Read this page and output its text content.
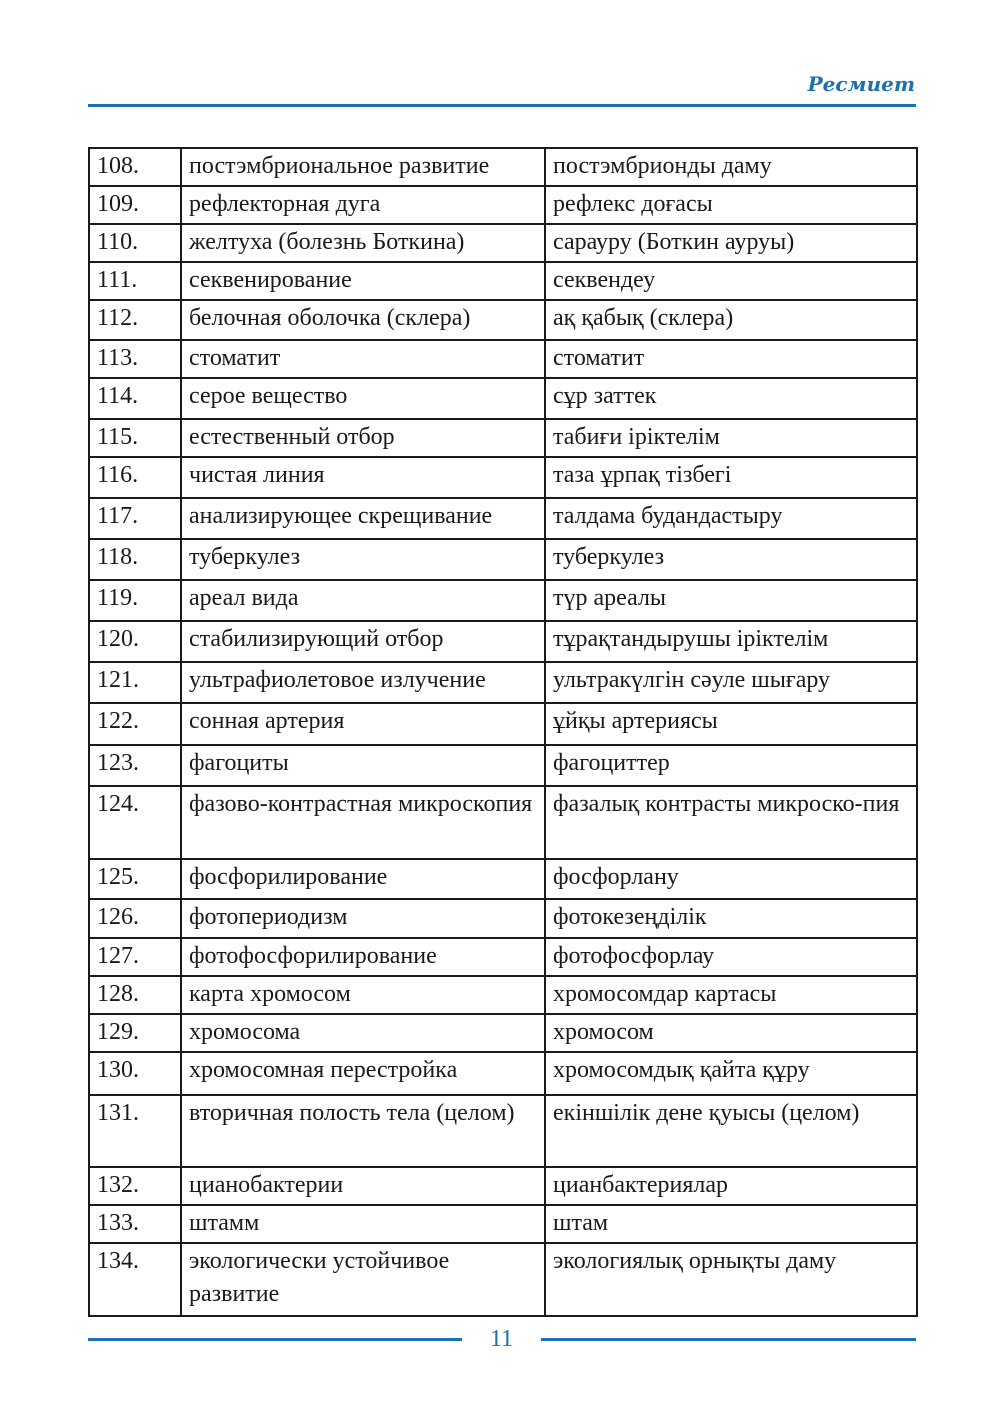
Ресмиет
108.	постэмбриональное развитие	постэмбрионды даму
109.	рефлекторная дуга	рефлекс доғасы
110.	желтуха (болезнь Боткина)	сарауру (Боткин ауруы)
111.	секвенирование	секвендеу
112.	белочная оболочка (склера)	ақ қабық (склера)
113.	стоматит	стоматит
114.	серое вещество	сұр заттек
115.	естественный отбор	табиғи іріктелім
116.	чистая линия	таза ұрпақ тізбегі
117.	анализирующее скрещивание	талдама будандастыру
118.	туберкулез	туберкулез
119.	ареал вида	түр ареалы
120.	стабилизирующий отбор	тұрақтандырушы іріктелім
121.	ультрафиолетовое излучение	ультракүлгін сәуле шығару
122.	сонная артерия	ұйқы артериясы
123.	фагоциты	фагоциттер
124.	фазово-контрастная микроскопия	фазалық контрасты микроско-пия
125.	фосфорилирование	фосфорлану
126.	фотопериодизм	фотокезеңділік
127.	фотофосфорилирование	фотофосфорлау
128.	карта хромосом	хромосомдар картасы
129.	хромосома	хромосом
130.	хромосомная перестройка	хромосомдық қайта құру
131.	вторичная полость тела (целом)	екіншілік дене қуысы (целом)
132.	цианобактерии	цианбактериялар
133.	штамм	штам
134.	экологически устойчивое развитие	экологиялық орнықты даму
11
